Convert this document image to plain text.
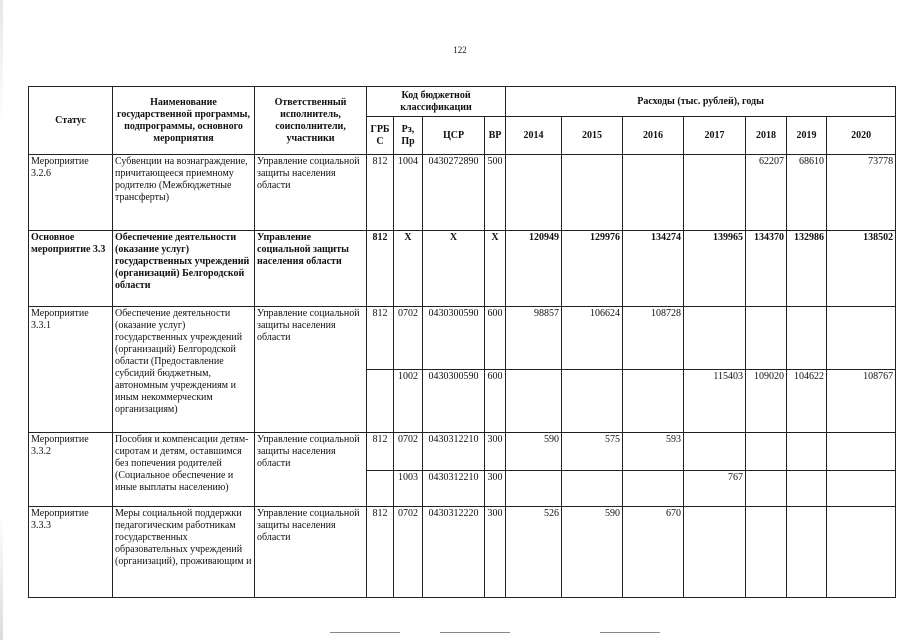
122
Статус	Наименование государственной программы, подпрограммы, основного мероприятия	Ответственный исполнитель, соисполнители, участники	Код бюджетной классификации				Расходы (тыс. рублей), годы						
			ГРБ С	Рз, Пр	ЦСР	ВР	2014	2015	2016	2017	2018	2019	2020
Мероприятие 3.2.6	Субвенции на вознаграждение, причитающееся приемному родителю (Межбюджетные трансферты)	Управление социальной защиты населения области	812	1004	0430272890	500					62207	68610	73778
Основное мероприятие 3.3	Обеспечение деятельности (оказание услуг) государственных учреждений (организаций) Белгородской области	Управление социальной защиты населения области	812	X	X	X	120949	129976	134274	139965	134370	132986	138502
Мероприятие 3.3.1	Обеспечение деятельности (оказание услуг) государственных учреждений (организаций) Белгородской области (Предоставление субсидий бюджетным, автономным учреждениям и иным некоммерческим организациям)	Управление социальной защиты населения области	812	0702	0430300590	600	98857	106624	108728				
				1002	0430300590	600				115403	109020	104622	108767
Мероприятие 3.3.2	Пособия и компенсации детям-сиротам и детям, оставшимся без попечения родителей (Социальное обеспечение и иные выплаты населению)	Управление социальной защиты населения области	812	0702	0430312210	300	590	575	593				
				1003	0430312210	300				767			
Мероприятие 3.3.3	Меры социальной поддержки педагогическим работникам государственных образовательных учреждений (организаций), проживающим и	Управление социальной защиты населения области	812	0702	0430312220	300	526	590	670				
